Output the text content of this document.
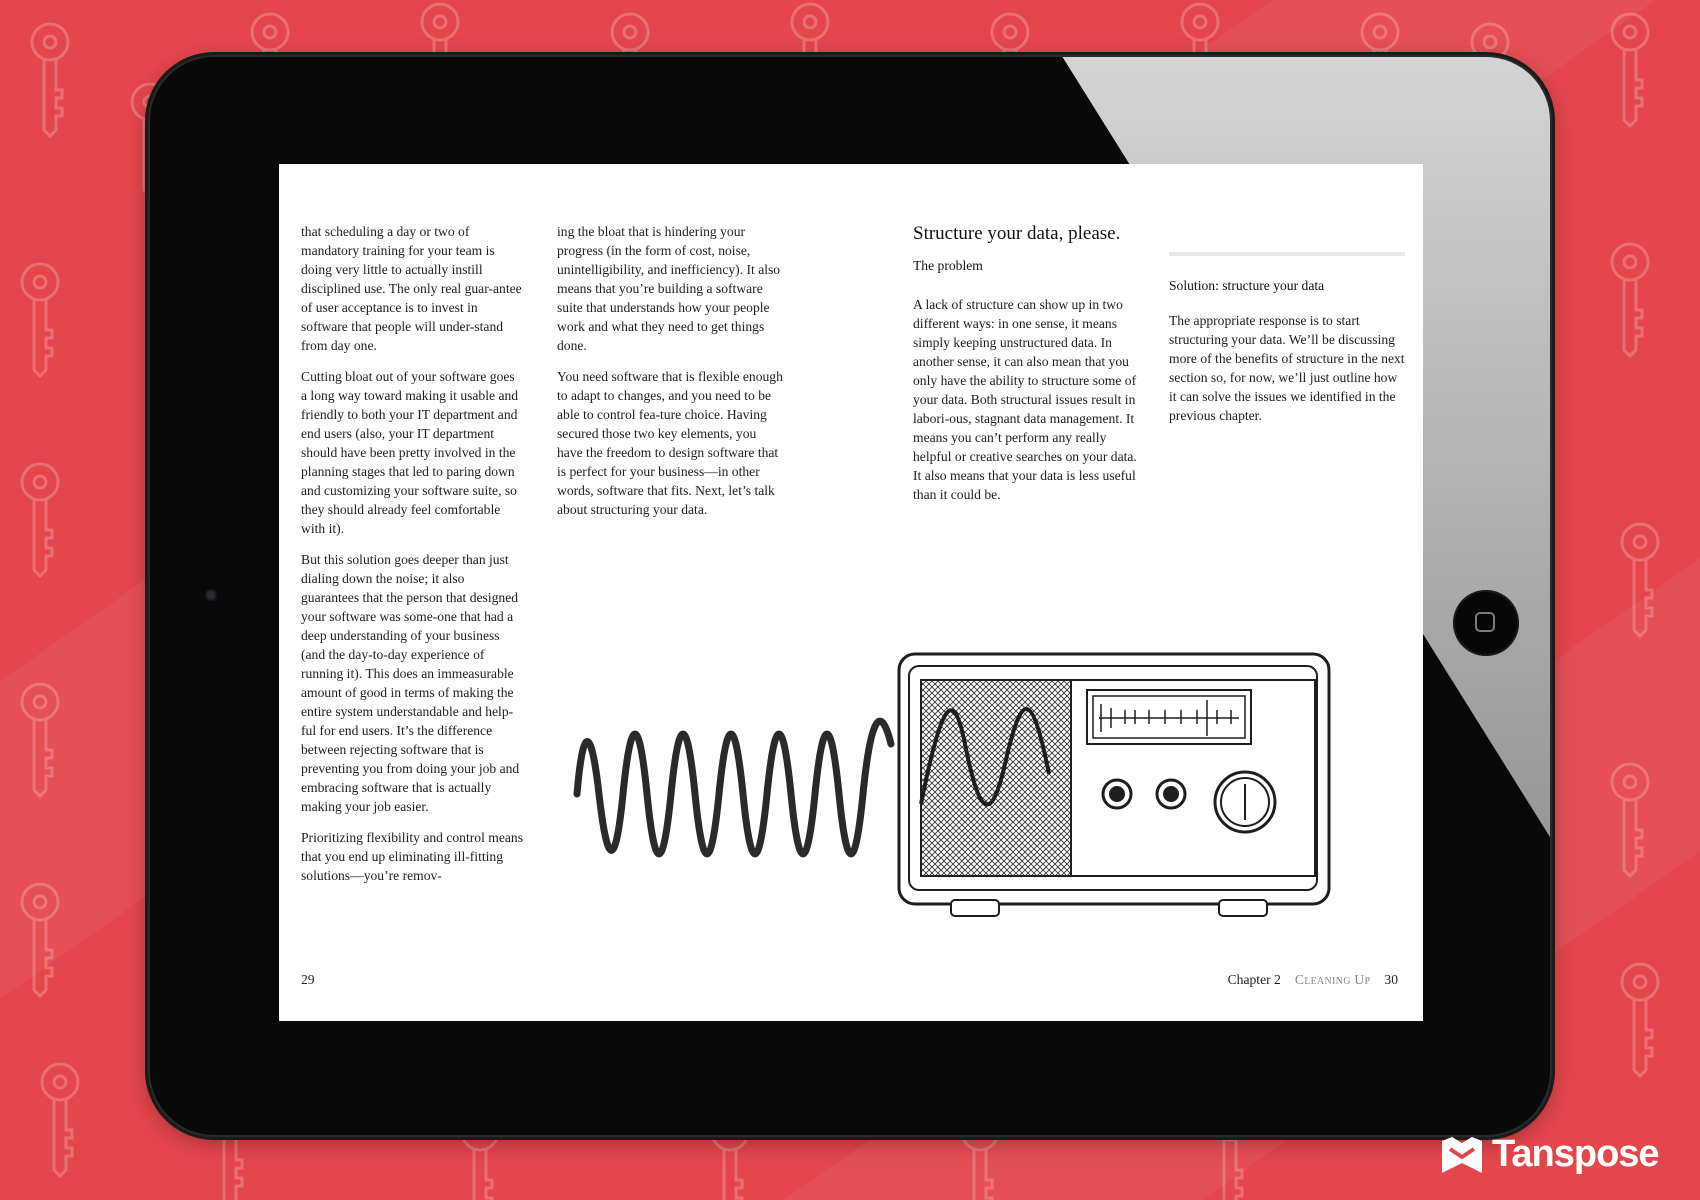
that scheduling a day or two of mandatory training for your team is doing very little to actually instill disciplined use. The only real guar-antee of user acceptance is to invest in software that people will under-stand from day one.

Cutting bloat out of your software goes a long way toward making it usable and friendly to both your IT department and end users (also, your IT department should have been pretty involved in the planning stages that led to paring down and customizing your software suite, so they should already feel comfortable with it).

But this solution goes deeper than just dialing down the noise; it also guarantees that the person that designed your software was some-one that had a deep understanding of your business (and the day-to-day experience of running it). This does an immeasurable amount of good in terms of making the entire system understandable and help-ful for end users. It’s the difference between rejecting software that is preventing you from doing your job and embracing software that is actually making your job easier.

Prioritizing flexibility and control means that you end up eliminating ill-fitting solutions—you’re remov-

ing the bloat that is hindering your progress (in the form of cost, noise, unintelligibility, and inefficiency). It also means that you’re building a software suite that understands how your people work and what they need to get things done.

You need software that is flexible enough to adapt to changes, and you need to be able to control fea-ture choice. Having secured those two key elements, you have the freedom to design software that is perfect for your business—in other words, software that fits. Next, let’s talk about structuring your data.

Structure your data, please.
The problem

A lack of structure can show up in two different ways: in one sense, it means simply keeping unstructured data. In another sense, it can also mean that you only have the ability to structure some of your data. Both structural issues result in labori-ous, stagnant data management. It means you can’t perform any really helpful or creative searches on your data. It also means that your data is less useful than it could be.

Solution: structure your data

The appropriate response is to start structuring your data. We’ll be discussing more of the benefits of structure in the next section so, for now, we’ll just outline how it can solve the issues we identified in the previous chapter.

29	Chapter 2 Cleaning Up 30
Tanspose
